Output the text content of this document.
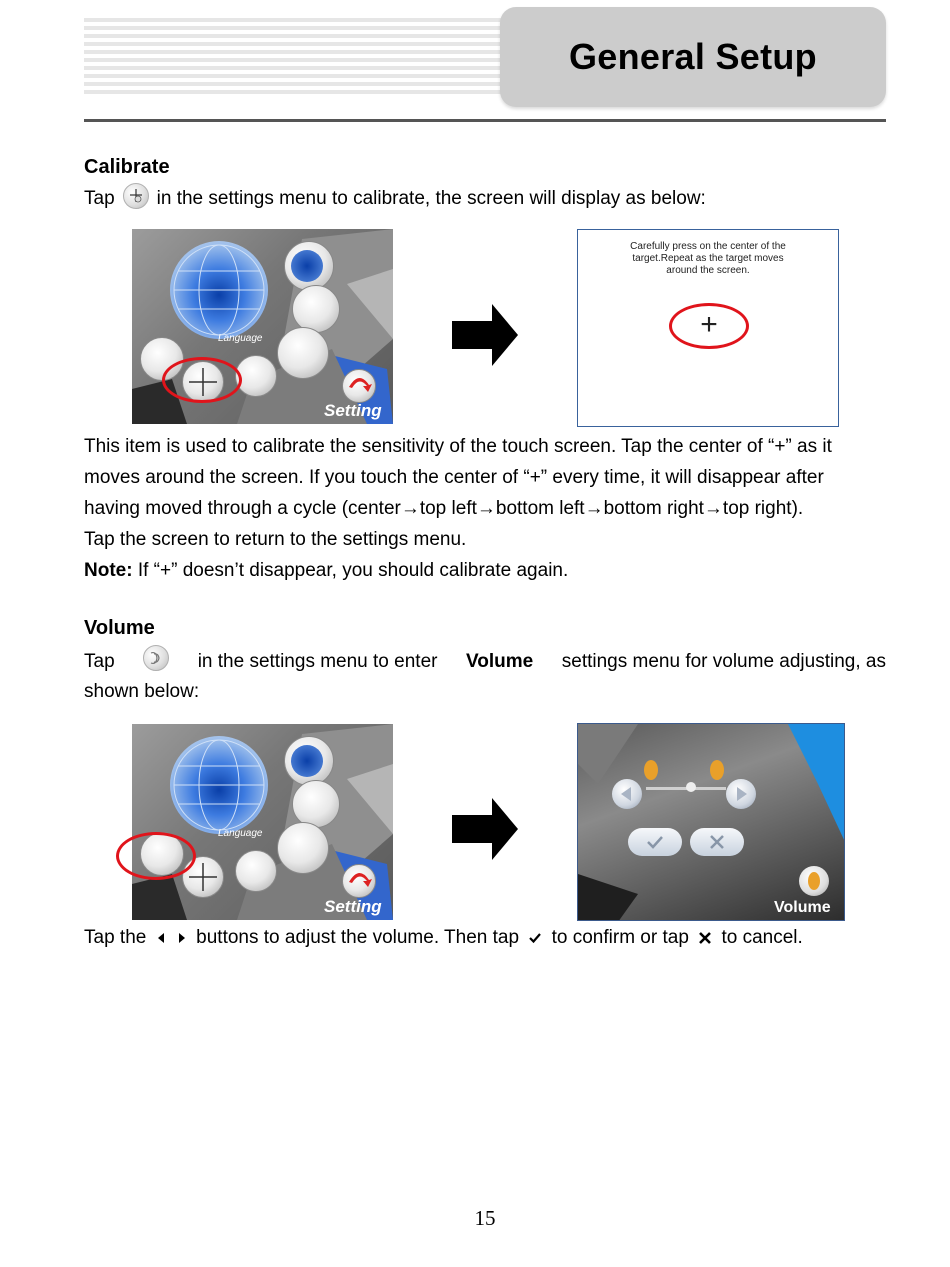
General Setup
Calibrate
Tap in the settings menu to calibrate, the screen will display as below:
Language
Setting
Carefully press on the center of the
target.Repeat as the target moves
around the screen.
+
This item is used to calibrate the sensitivity of the touch screen. Tap the center of “+” as it
moves around the screen. If you touch the center of “+” every time, it will disappear after
having moved through a cycle (center→top left→bottom left→bottom right→top right).
Tap the screen to return to the settings menu.
Note: If “+” doesn’t disappear, you should calibrate again.
Volume
Tap	in the settings menu to enter Volume settings menu for volume adjusting, as
shown below:
Language
Setting	Volume
Tap the	buttons to adjust the volume. Then tap to confirm or tap to cancel.
15
